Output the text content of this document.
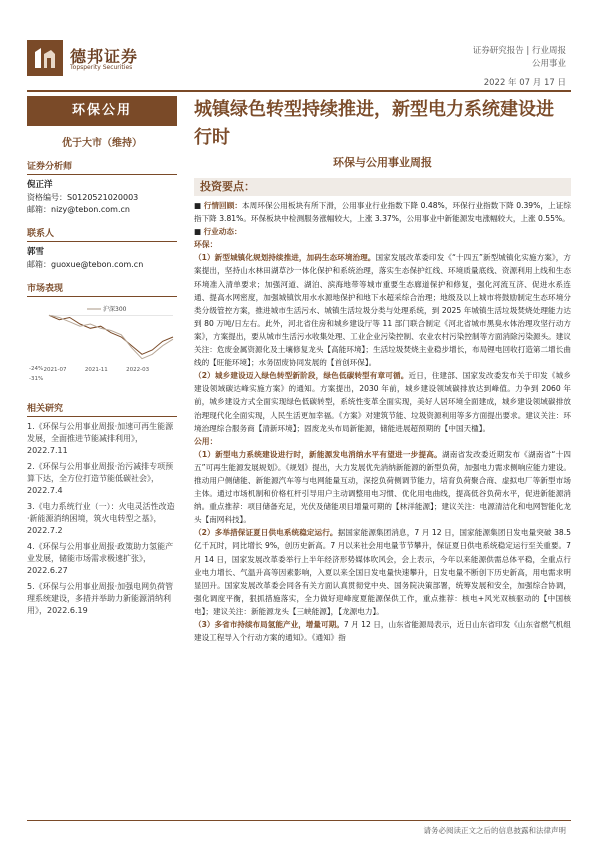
德邦证券
Topsperity Securities
证券研究报告 | 行业周报
公用事业
2022 年 07 月 17 日
环保公用
优于大市（维持）
证券分析师
倪正洋
资格编号：S0120521020003
邮箱：nizy@tebon.com.cn
联系人
郭雪
邮箱：guoxue@tebon.com.cn
市场表现
沪深300
2021-07	2021-11	2022-03
-24%
-31%
相关研究
1.《环保与公用事业周报·加速可再生能源发展，全面推进节能减排利用》，2022.7.11
2.《环保与公用事业周报·治污减排专项预算下达，全方位打造节能低碳社会》，2022.7.4
3.《电力系统行业（一）：火电灵活性改造·新能源消纳困境，筑火电转型之基》，2022.7.2
4.《环保与公用事业周报·政策助力氢能产业发展，储能市场需求极速扩张》，2022.6.27
5.《环保与公用事业周报·加强电网负荷管理系统建设，多措并举助力新能源消纳利用》，2022.6.19
城镇绿色转型持续推进，新型电力系统建设进行时
环保与公用事业周报
投资要点：
■ 行情回顾：本周环保公用板块有所下滑，公用事业行业指数下降 0.48%，环保行业指数下降 0.39%，上证综指下降 3.81%。环保板块中检测服务涨幅较大，上涨 3.37%，公用事业中新能源发电涨幅较大，上涨 0.55%。
■ 行业动态：
环保：
（1）新型城镇化规划持续推进，加码生态环境治理。国家发展改革委印发《“十四五”新型城镇化实施方案》，方案提出，坚持山水林田湖草沙一体化保护和系统治理，落实生态保护红线、环境质量底线、资源利用上线和生态环境准入清单要求；加强河道、湖泊、滨海地带等城市重要生态廊道保护和修复，强化河流互济、促进水系连通、提高水网密度，加强城镇饮用水水源地保护和地下水超采综合治理；地级及以上城市将鼓励制定生态环境分类分级管控方案，推进城市生活污水、城镇生活垃圾分类与处理系统，到 2025 年城镇生活垃圾焚烧处理能力达到 80 万吨/日左右。此外，河北省住房和城乡建设厅等 11 部门联合制定《河北省城市黑臭水体治理攻坚行动方案》，方案提出，要从城市生活污水收集处理、工业企业污染控制、农业农村污染控制等方面消除污染源头。建议关注：危废金属资源化及土壤修复龙头【高能环境】；生活垃圾焚烧主业稳步增长，布局锂电回收打造第二增长曲线的【旺能环境】；水务固废协同发展的【首创环保】。
（2）城乡建设迈入绿色转型新阶段，绿色低碳转型有章可循。近日，住建部、国家发改委发布关于印发《城乡建设领域碳达峰实施方案》的通知。方案提出，2030 年前，城乡建设领域碳排放达到峰值。力争到 2060 年前，城乡建设方式全面实现绿色低碳转型，系统性变革全面实现，美好人居环境全面建成，城乡建设领域碳排放治理现代化全面实现，人民生活更加幸福。《方案》对建筑节能、垃圾资源利用等多方面提出要求。建议关注：环境治理综合服务商【清新环境】；固废龙头布局新能源，储能进展超预期的【中国天楹】。
公用：
（1）新型电力系统建设进行时，新能源发电消纳水平有望进一步提高。湖南省发改委近期发布《湖南省“十四五”可再生能源发展规划》。《规划》提出，大力发展优先消纳新能源的新型负荷，加强电力需求侧响应能力建设。推动用户侧储能、新能源汽车等与电网能量互动，深挖负荷侧调节能力，培育负荷聚合商、虚拟电厂等新型市场主体。通过市场机制和价格杠杆引导用户主动调整用电习惯、优化用电曲线，提高低谷负荷水平，促进新能源消纳。重点推荐：项目储备充足，光伏及储能项目增量可期的【林洋能源】；建议关注：电源清洁化和电网智能化龙头【南网科技】。
（2）多举措保证夏日供电系统稳定运行。据国家能源集团消息，7 月 12 日，国家能源集团日发电量突破 38.5 亿千瓦时，同比增长 9%，创历史新高。7 月以来社会用电量节节攀升，保证夏日供电系统稳定运行至关重要。7 月 14 日，国家发展改革委举行上半年经济形势媒体吹风会，会上表示，今年以来能源供需总体平稳，全重点行业电力增长、气温升高等因素影响，入夏以来全国日发电量快速攀升，日发电量不断创下历史新高，用电需求明显回升。国家发展改革委会同各有关方面认真贯彻党中央、国务院决策部署，统筹发展和安全，加强综合协调，强化调度平衡，狠抓措施落实，全力做好迎峰度夏能源保供工作，重点推荐：核电+风光双核驱动的【中国核电】；建议关注：新能源龙头【三峡能源】，【龙源电力】。
（3）多省市持续布局氢能产业，增量可期。7 月 12 日，山东省能源局表示，近日山东省印发《山东省燃气机组建设工程导入个行动方案的通知》。《通知》指
请务必阅读正文之后的信息披露和法律声明
